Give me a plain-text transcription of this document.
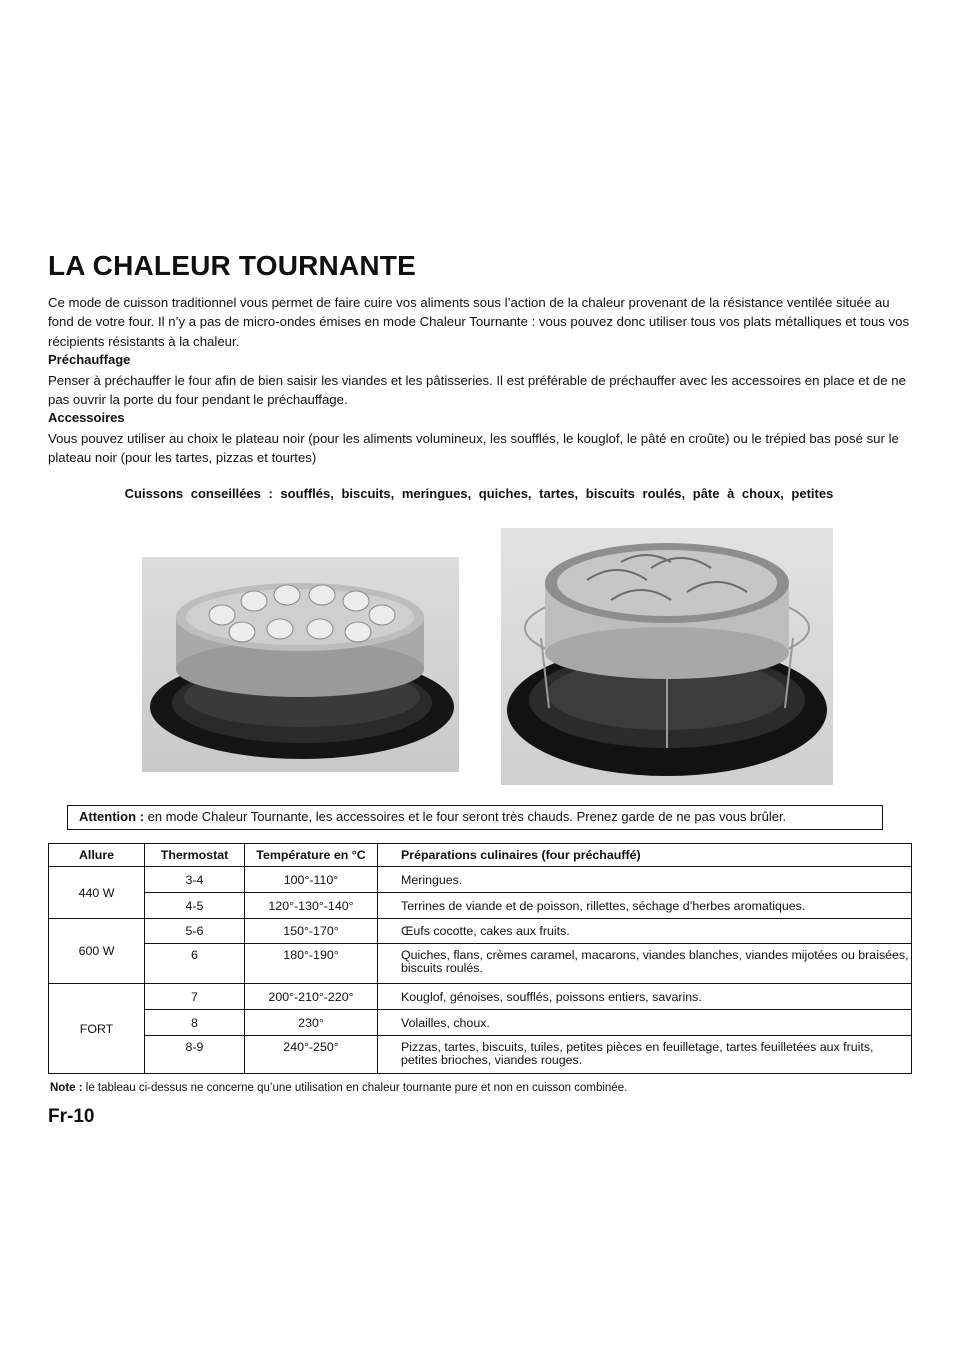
LA CHALEUR TOURNANTE

Ce mode de cuisson traditionnel vous permet de faire cuire vos aliments sous l’action de la chaleur provenant de la résistance ventilée située au fond de votre four. Il n’y a pas de micro-ondes émises en mode Chaleur Tournante : vous pouvez donc utiliser tous vos plats métalliques et tous vos récipients résistants à la chaleur.

Préchauffage

Penser à préchauffer le four afin de bien saisir les viandes et les pâtisseries. Il est préférable de préchauffer avec les accessoires en place et de ne pas ouvrir la porte du four pendant le préchauffage.

Accessoires

Vous pouvez utiliser au choix le plateau noir (pour les aliments volumineux, les soufflés, le kouglof, le pâté en croûte) ou le trépied bas posé sur le plateau noir (pour les tartes, pizzas et tourtes)

Cuissons conseillées : soufflés, biscuits, meringues, quiches, tartes, biscuits roulés, pâte à choux, petites
Attention : en mode Chaleur Tournante, les accessoires et le four seront très chauds. Prenez garde de ne pas vous brûler.
Allure	Thermostat	Température en °C	Préparations culinaires (four préchauffé)
440 W	3-4	100°-110°	Meringues.
	4-5	120°-130°-140°	Terrines de viande et de poisson, rillettes, séchage d’herbes aromatiques.
600 W	5-6	150°-170°	Œufs cocotte, cakes aux fruits.
	6	180°-190°	Quiches, flans, crèmes caramel, macarons, viandes blanches, viandes mijotées ou braisées, biscuits roulés.
FORT	7	200°-210°-220°	Kouglof, génoises, soufflés, poissons entiers, savarins.
	8	230°	Volailles, choux.
	8-9	240°-250°	Pizzas, tartes, biscuits, tuiles, petites pièces en feuilletage, tartes feuilletées aux fruits, petites brioches, viandes rouges.
Note : le tableau ci-dessus ne concerne qu’une utilisation en chaleur tournante pure et non en cuisson combinée.
Fr-10
